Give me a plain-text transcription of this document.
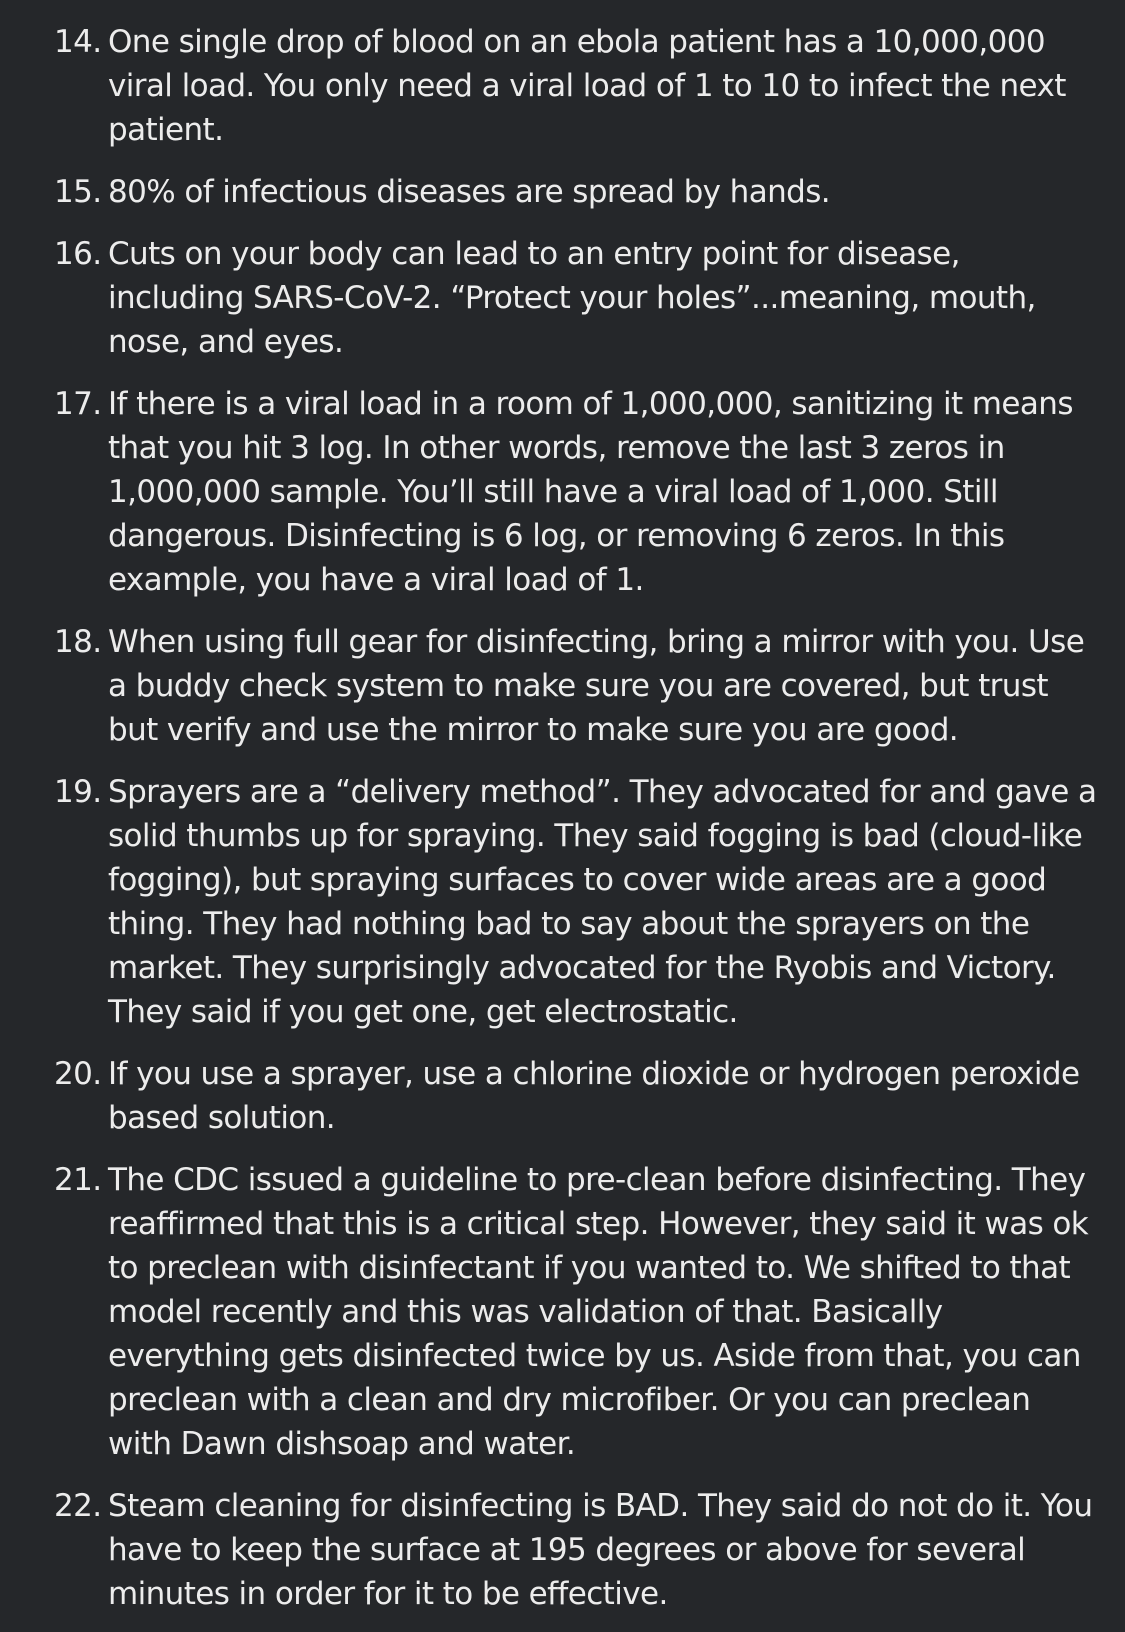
14. One single drop of blood on an ebola patient has a 10,000,000 viral load. You only need a viral load of 1 to 10 to infect the next patient.
15. 80% of infectious diseases are spread by hands.
16. Cuts on your body can lead to an entry point for disease, including SARS-CoV-2. “Protect your holes”...meaning, mouth, nose, and eyes.
17. If there is a viral load in a room of 1,000,000, sanitizing it means that you hit 3 log. In other words, remove the last 3 zeros in 1,000,000 sample. You’ll still have a viral load of 1,000. Still dangerous. Disinfecting is 6 log, or removing 6 zeros. In this example, you have a viral load of 1.
18. When using full gear for disinfecting, bring a mirror with you. Use a buddy check system to make sure you are covered, but trust but verify and use the mirror to make sure you are good.
19. Sprayers are a “delivery method”. They advocated for and gave a solid thumbs up for spraying. They said fogging is bad (cloud-like fogging), but spraying surfaces to cover wide areas are a good thing. They had nothing bad to say about the sprayers on the market. They surprisingly advocated for the Ryobis and Victory. They said if you get one, get electrostatic.
20. If you use a sprayer, use a chlorine dioxide or hydrogen peroxide based solution.
21. The CDC issued a guideline to pre-clean before disinfecting. They reaffirmed that this is a critical step. However, they said it was ok to preclean with disinfectant if you wanted to. We shifted to that model recently and this was validation of that. Basically everything gets disinfected twice by us. Aside from that, you can preclean with a clean and dry microfiber. Or you can preclean with Dawn dishsoap and water.
22. Steam cleaning for disinfecting is BAD. They said do not do it. You have to keep the surface at 195 degrees or above for several minutes in order for it to be effective.
